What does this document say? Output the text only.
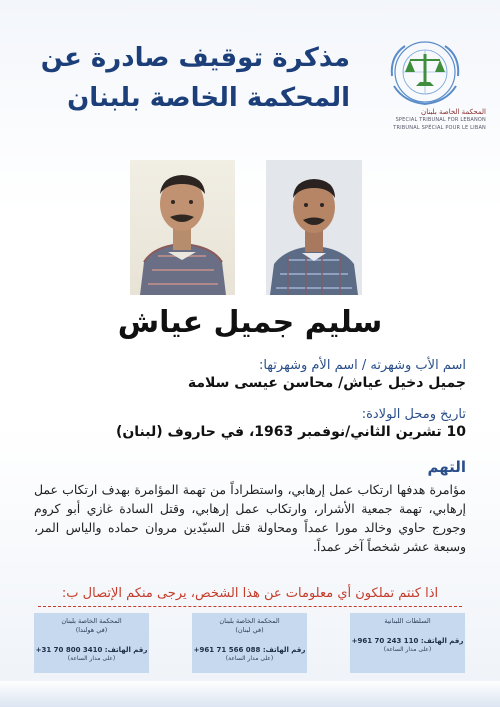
مذكرة توقيف صادرة عن
المحكمة الخاصة بلبنان	المحكمة الخاصة بلبنان
SPECIAL TRIBUNAL FOR LEBANON
TRIBUNAL SPÉCIAL POUR LE LIBAN
سليم جميل عياش
اسم الأب وشهرته / اسم الأم وشهرتها:
جميل دخيل عياش/ محاسن عيسى سلامة
تاريخ ومحل الولادة:
10 تشرين الثاني/نوفمبر 1963، في حاروف (لبنان)
التهم
مؤامرة هدفها ارتكاب عمل إرهابي، واستطراداً من تهمة المؤامرة بهدف ارتكاب عمل إرهابي، تهمة جمعية الأشرار، وارتكاب عمل إرهابي، وقتل السادة غازي أبو كروم وجورج حاوي وخالد مورا عمداً ومحاولة قتل السيّدين مروان حماده والياس المر، وسبعة عشر شخصاً آخر عمداً.
اذا كنتم تملكون أي معلومات عن هذا الشخص، يرجى منكم الإتصال ب:
السلطات اللبنانية
رقم الهاتف: 110 243 70 961+
(على مدار الساعة)
المحكمة الخاصة بلبنان
(في لبنان)
رقم الهاتف: 088 566 71 961+
(على مدار الساعة)
المحكمة الخاصة بلبنان
(في هولندا)
رقم الهاتف: 3410 800 70 31+
(على مدار الساعة)
